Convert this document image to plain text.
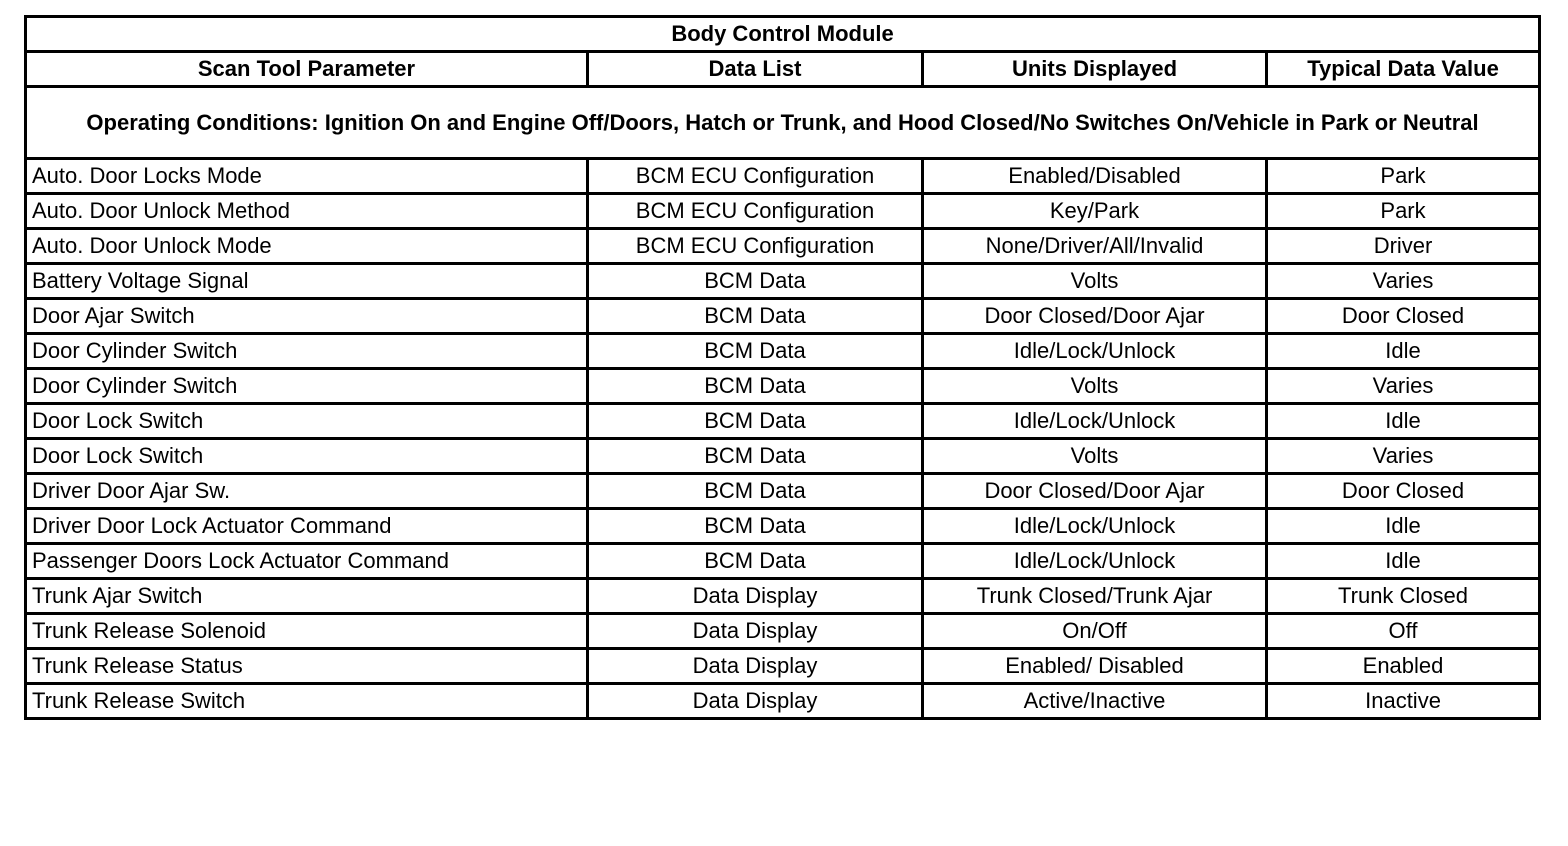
Body Control Module			
Scan Tool Parameter	Data List	Units Displayed	Typical Data Value
Operating Conditions: Ignition On and Engine Off/Doors, Hatch or Trunk, and Hood Closed/No Switches On/Vehicle in Park or Neutral			
Auto. Door Locks Mode	BCM ECU Configuration	Enabled/Disabled	Park
Auto. Door Unlock Method	BCM ECU Configuration	Key/Park	Park
Auto. Door Unlock Mode	BCM ECU Configuration	None/Driver/All/Invalid	Driver
Battery Voltage Signal	BCM Data	Volts	Varies
Door Ajar Switch	BCM Data	Door Closed/Door Ajar	Door Closed
Door Cylinder Switch	BCM Data	Idle/Lock/Unlock	Idle
Door Cylinder Switch	BCM Data	Volts	Varies
Door Lock Switch	BCM Data	Idle/Lock/Unlock	Idle
Door Lock Switch	BCM Data	Volts	Varies
Driver Door Ajar Sw.	BCM Data	Door Closed/Door Ajar	Door Closed
Driver Door Lock Actuator Command	BCM Data	Idle/Lock/Unlock	Idle
Passenger Doors Lock Actuator Command	BCM Data	Idle/Lock/Unlock	Idle
Trunk Ajar Switch	Data Display	Trunk Closed/Trunk Ajar	Trunk Closed
Trunk Release Solenoid	Data Display	On/Off	Off
Trunk Release Status	Data Display	Enabled/ Disabled	Enabled
Trunk Release Switch	Data Display	Active/Inactive	Inactive
